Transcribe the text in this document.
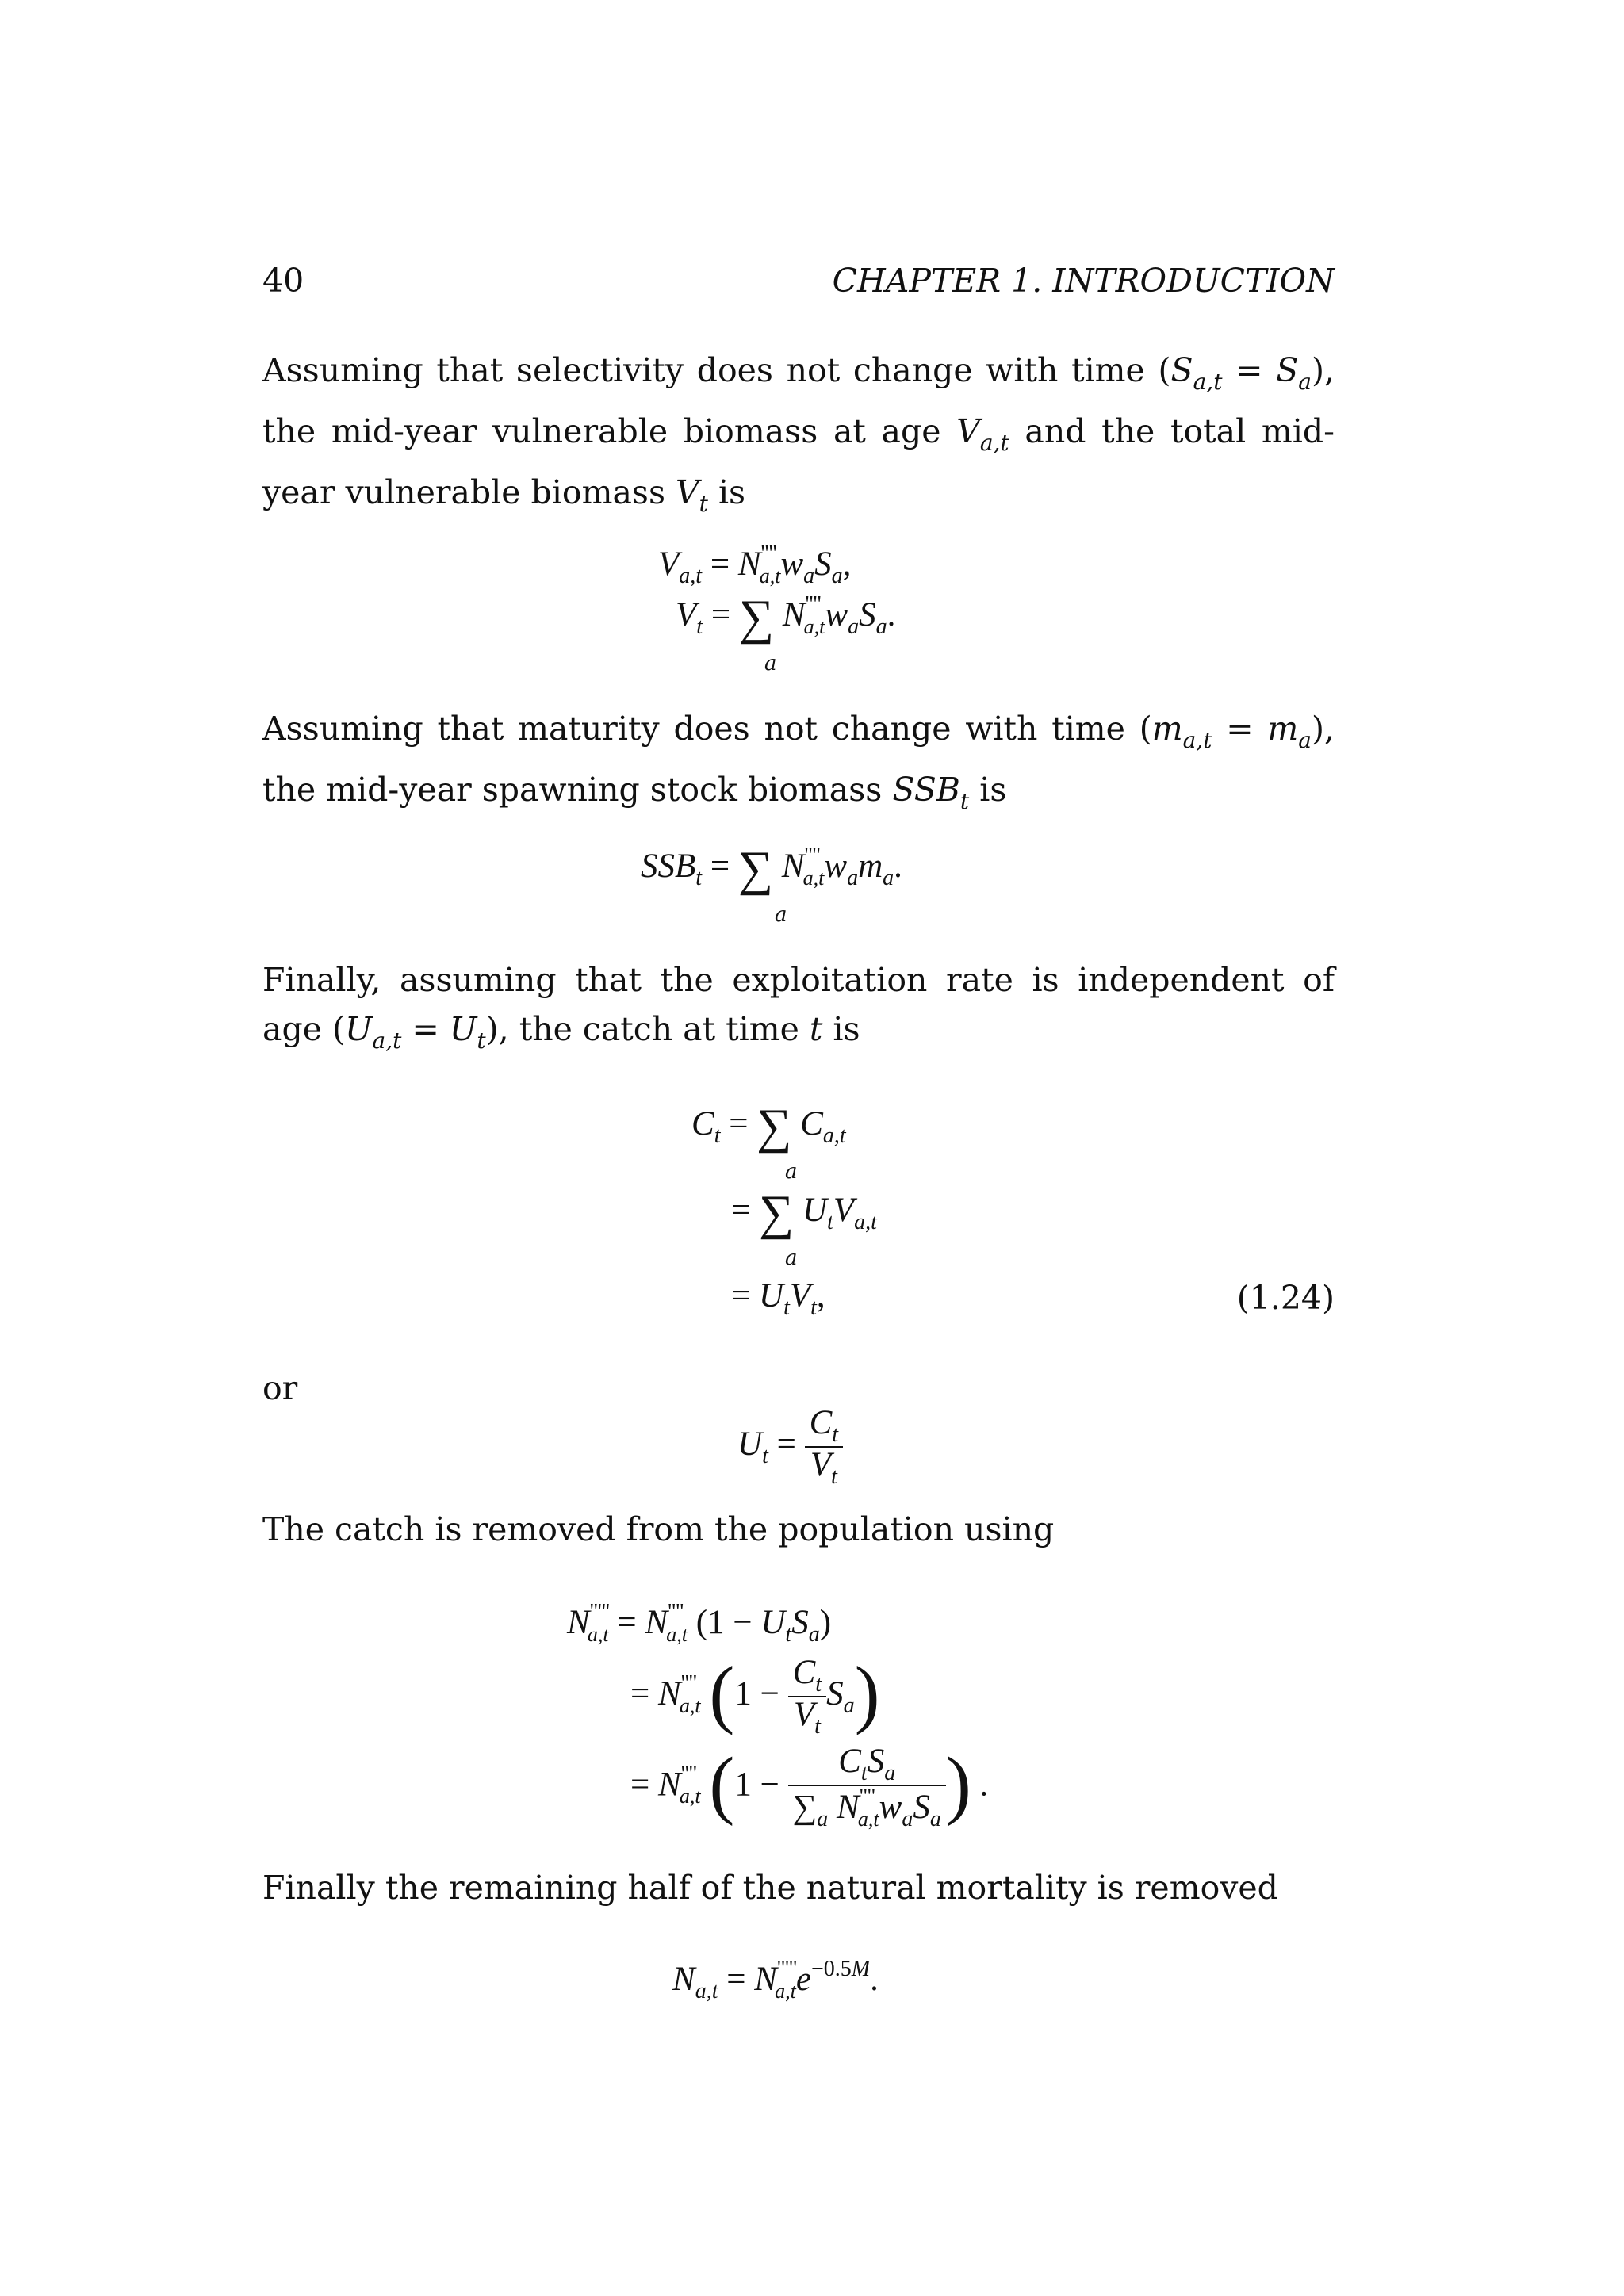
40	CHAPTER 1. INTRODUCTION
Assuming that selectivity does not change with time $(S_{a,t} = S_a)$, the mid-year vulnerable biomass at age $V_{a,t}$ and the total mid-year vulnerable biomass $V_t$ is
$V_{a,t} = N''''_{a,t}w_aS_a$,
$V_t$ = ∑ $N''''_{a,t}w_aS_a$.
a
Assuming that maturity does not change with time $(m_{a,t} = m_a)$, the mid-year spawning stock biomass $SSB_t$ is
$SSB_t$ = ∑ $N''''_{a,t}w_am_a$.
a
Finally, assuming that the exploitation rate is independent of age $(U_{a,t} = U_t)$, the catch at time t is
$C_t$ = ∑ $C_{a,t}$
a
= ∑ $U_tV_{a,t}$
a
= $U_tV_t$,	(1.24)
or
$U_t = \frac{C_t}{V_t}$
The catch is removed from the population using
$N'''''_{a,t} = N''''_{a,t}$ $(1 - U_tS_a)$
= $N''''_{a,t}$ $(1 - \frac{C_t}{V_t} S_a)$
= $N''''_{a,t}$ ($1 - \frac{C_tS_a}{\sum_a N''''_{a,t}w_aS_a}$ ) .
Finally the remaining half of the natural mortality is removed
$N_{a,t} = N'''''_{a,t}e^{-0.5M}$.
